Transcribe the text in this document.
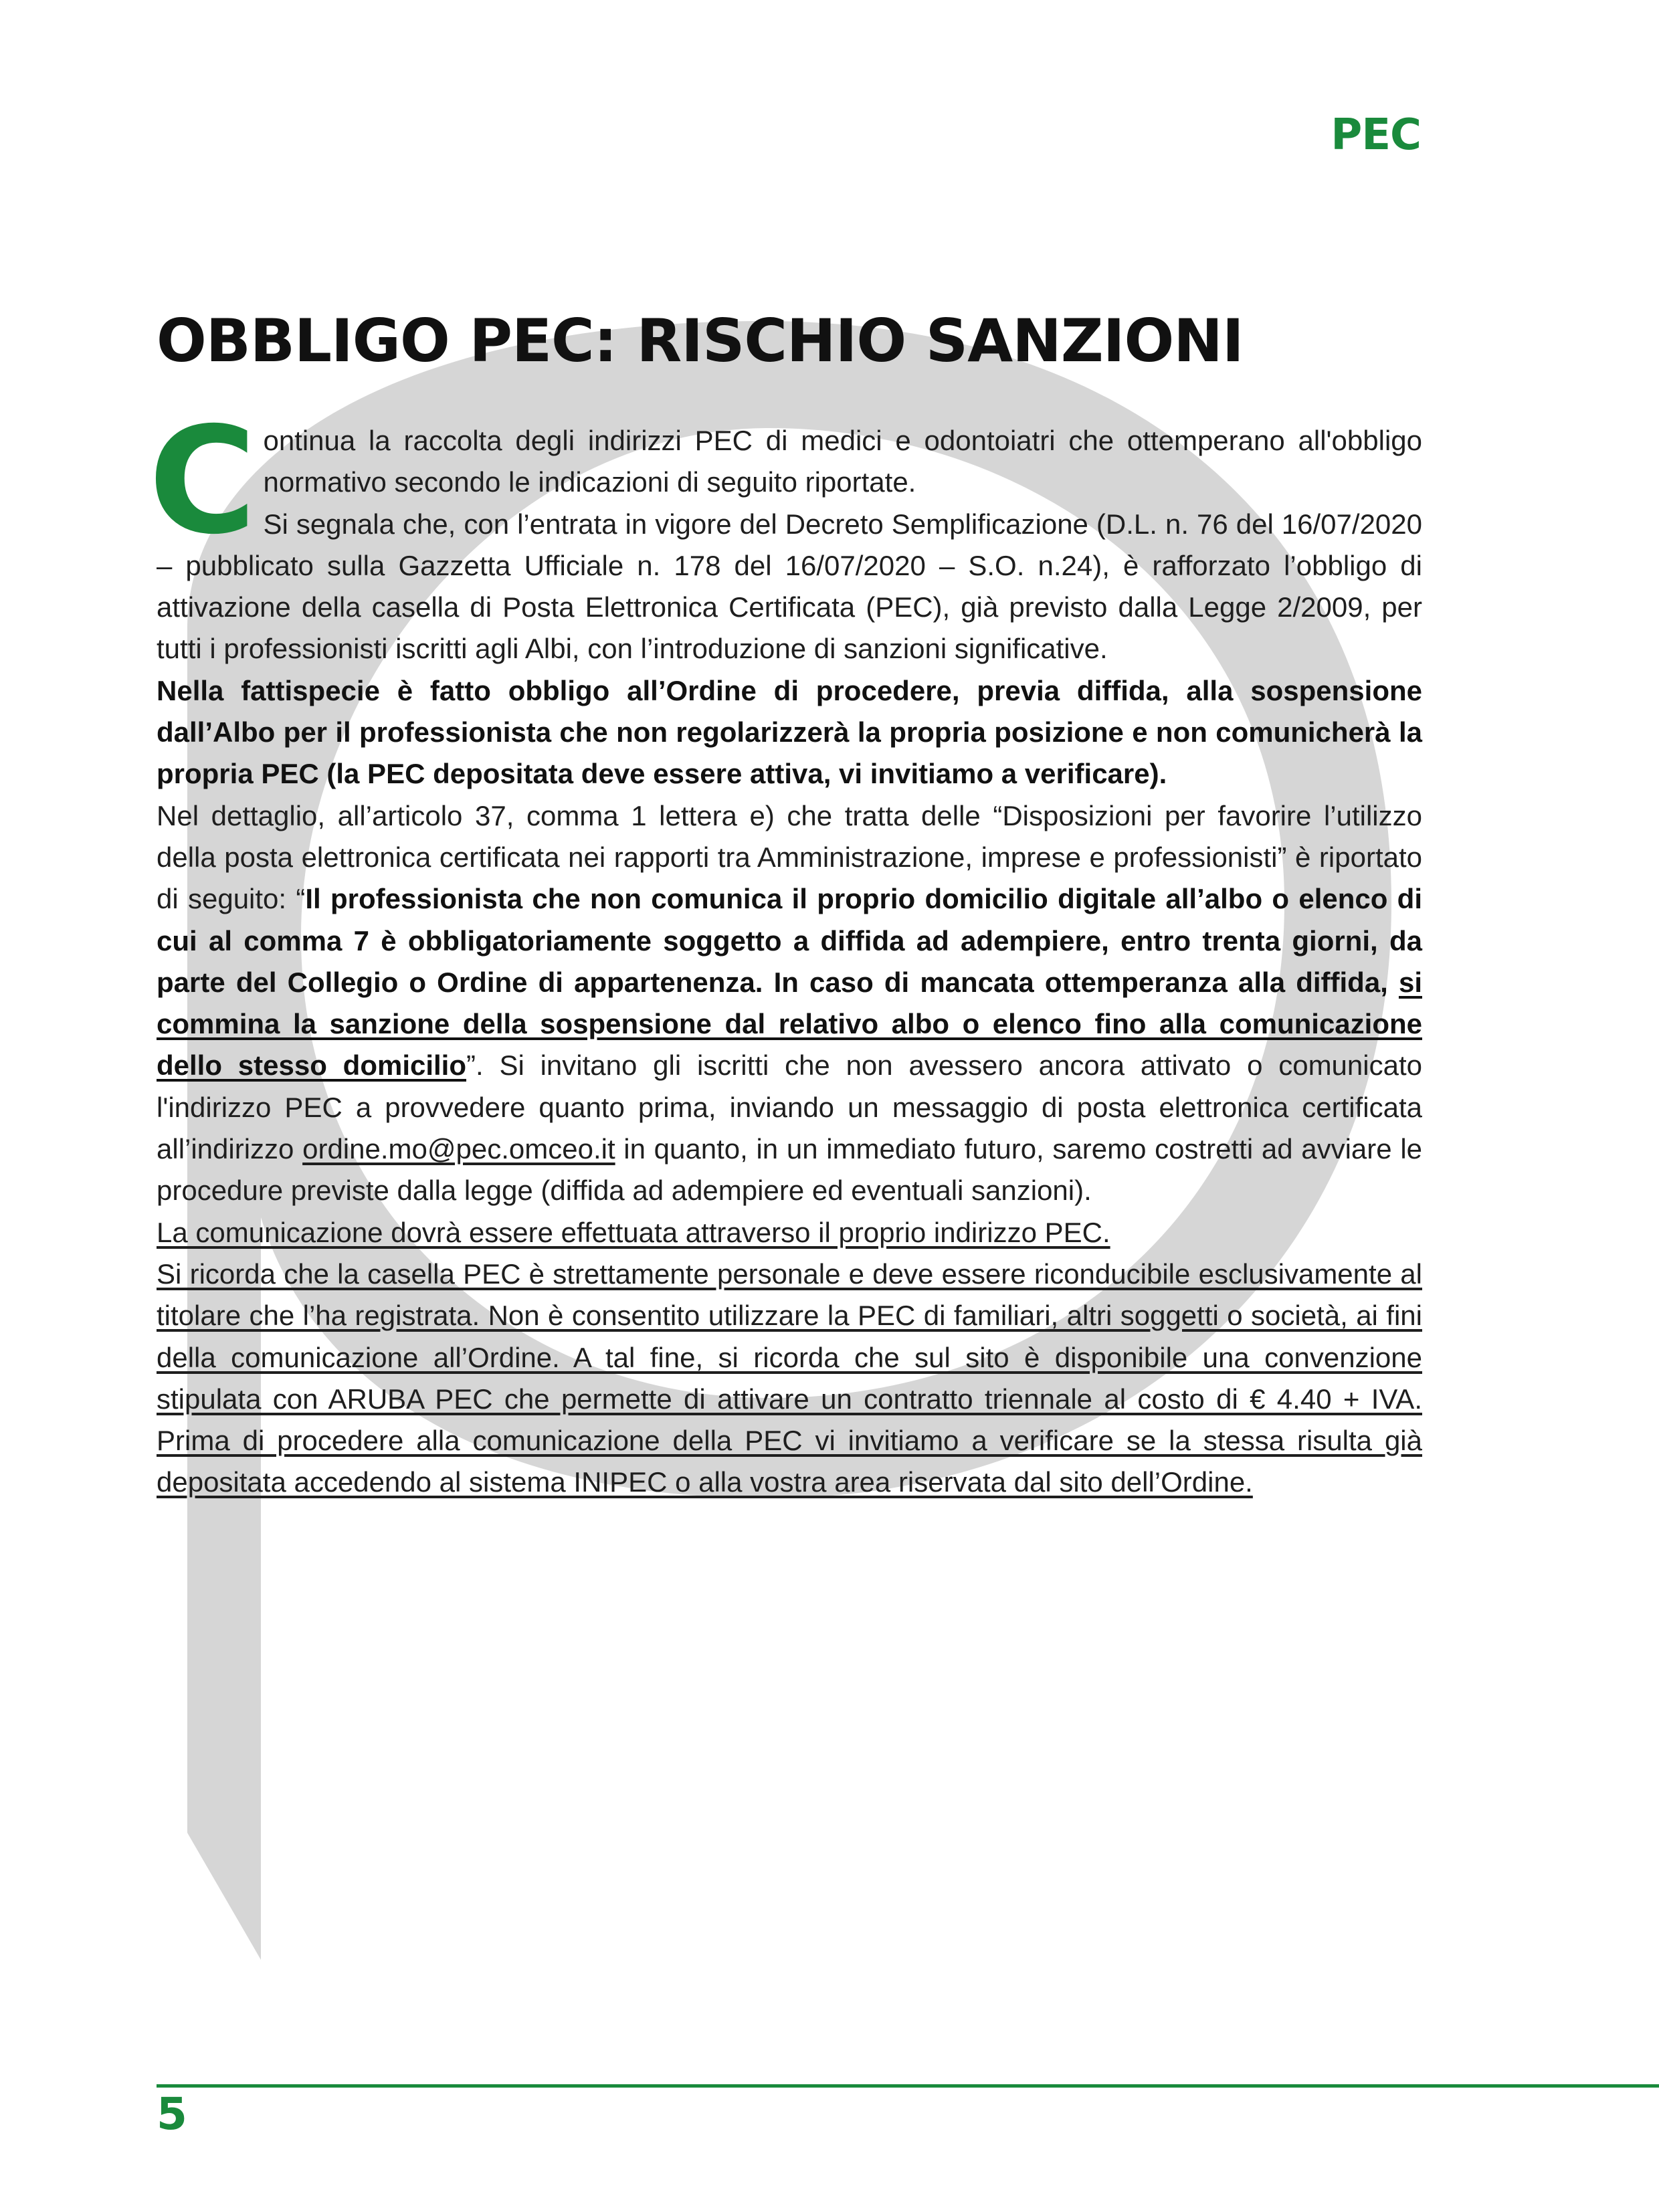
PEC
OBBLIGO PEC: RISCHIO SANZIONI

Continua la raccolta degli indirizzi PEC di medici e odontoiatri che ottemperano all'obbligo normativo secondo le indicazioni di seguito riportate.

Si segnala che, con l’entrata in vigore del Decreto Semplificazione (D.L. n. 76 del 16/07/2020 – pubblicato sulla Gazzetta Ufficiale n. 178 del 16/07/2020 – S.O. n.24), è rafforzato l’obbligo di attivazione della casella di Posta Elettronica Certificata (PEC), già previsto dalla Legge 2/2009, per tutti i professionisti iscritti agli Albi, con l’introduzione di sanzioni significative.

Nella fattispecie è fatto obbligo all’Ordine di procedere, previa diffida, alla sospensione dall’Albo per il professionista che non regolarizzerà la propria posizione e non comunicherà la propria PEC (la PEC depositata deve essere attiva, vi invitiamo a verificare).

Nel dettaglio, all’articolo 37, comma 1 lettera e) che tratta delle “Disposizioni per favorire l’utilizzo della posta elettronica certificata nei rapporti tra Amministrazione, imprese e professionisti” è riportato di seguito: “Il professionista che non comunica il proprio domicilio digitale all’albo o elenco di cui al comma 7 è obbligatoriamente soggetto a diffida ad adempiere, entro trenta giorni, da parte del Collegio o Ordine di appartenenza. In caso di mancata ottemperanza alla diffida, si commina la sanzione della sospensione dal relativo albo o elenco fino alla comunicazione dello stesso domicilio”. Si invitano gli iscritti che non avessero ancora attivato o comunicato l'indirizzo PEC a provvedere quanto prima, inviando un messaggio di posta elettronica certificata all’indirizzo ordine.mo@pec.omceo.it in quanto, in un immediato futuro, saremo costretti ad avviare le procedure previste dalla legge (diffida ad adempiere ed eventuali sanzioni).

La comunicazione dovrà essere effettuata attraverso il proprio indirizzo PEC.

Si ricorda che la casella PEC è strettamente personale e deve essere riconducibile esclusivamente al titolare che l’ha registrata. Non è consentito utilizzare la PEC di familiari, altri soggetti o società, ai fini della comunicazione all’Ordine. A tal fine, si ricorda che sul sito è disponibile una convenzione stipulata con ARUBA PEC che permette di attivare un contratto triennale al costo di € 4.40 + IVA. Prima di procedere alla comunicazione della PEC vi invitiamo a verificare se la stessa risulta già depositata accedendo al sistema INIPEC o alla vostra area riservata dal sito dell’Ordine.

5
